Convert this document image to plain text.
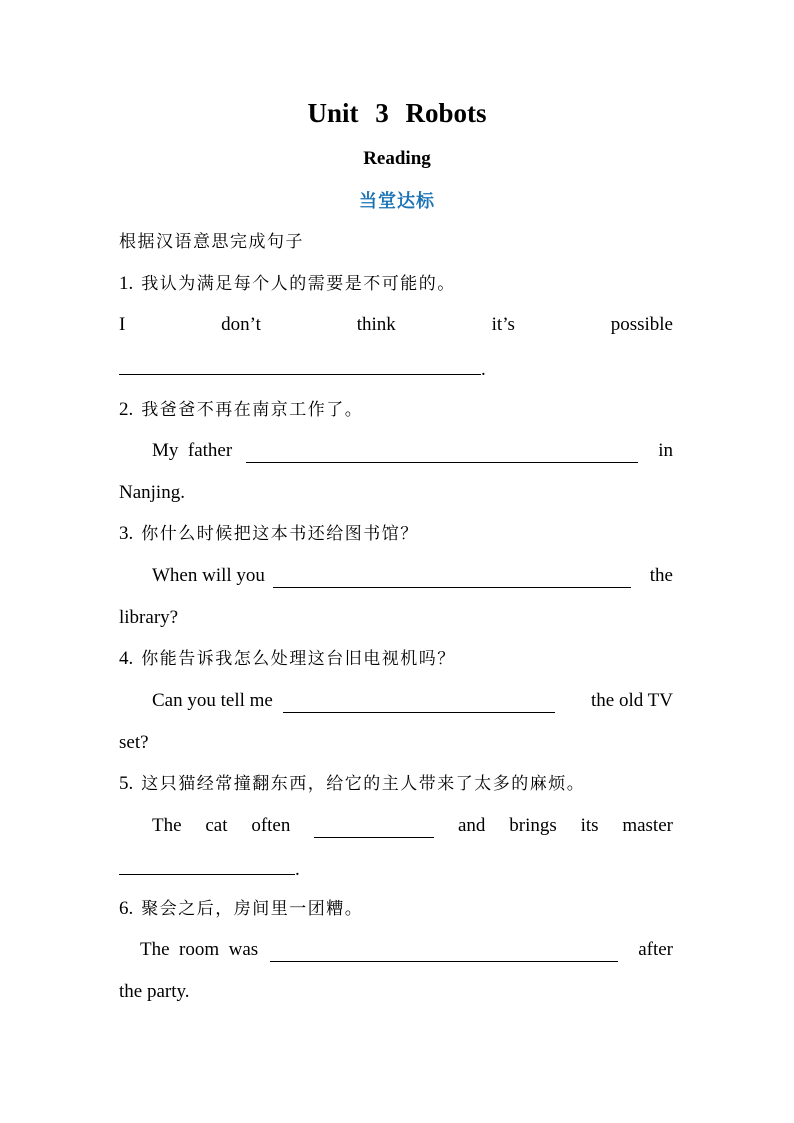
Unit 3 Robots
Reading
当堂达标
根据汉语意思完成句子
1. 我认为满足每个人的需要是不可能的。
I	don’t	think	it’s	possible
.
2. 我爸爸不再在南京工作了。
My  father	in
Nanjing.
3. 你什么时候把这本书还给图书馆？
When will you	the
library?
4. 你能告诉我怎么处理这台旧电视机吗？
Can you tell me	the old TV
set?
5. 这只猫经常撞翻东西，给它的主人带来了太多的麻烦。
The cat often	and brings its master
.
6. 聚会之后，房间里一团糟。
The  room  was	after
the party.
